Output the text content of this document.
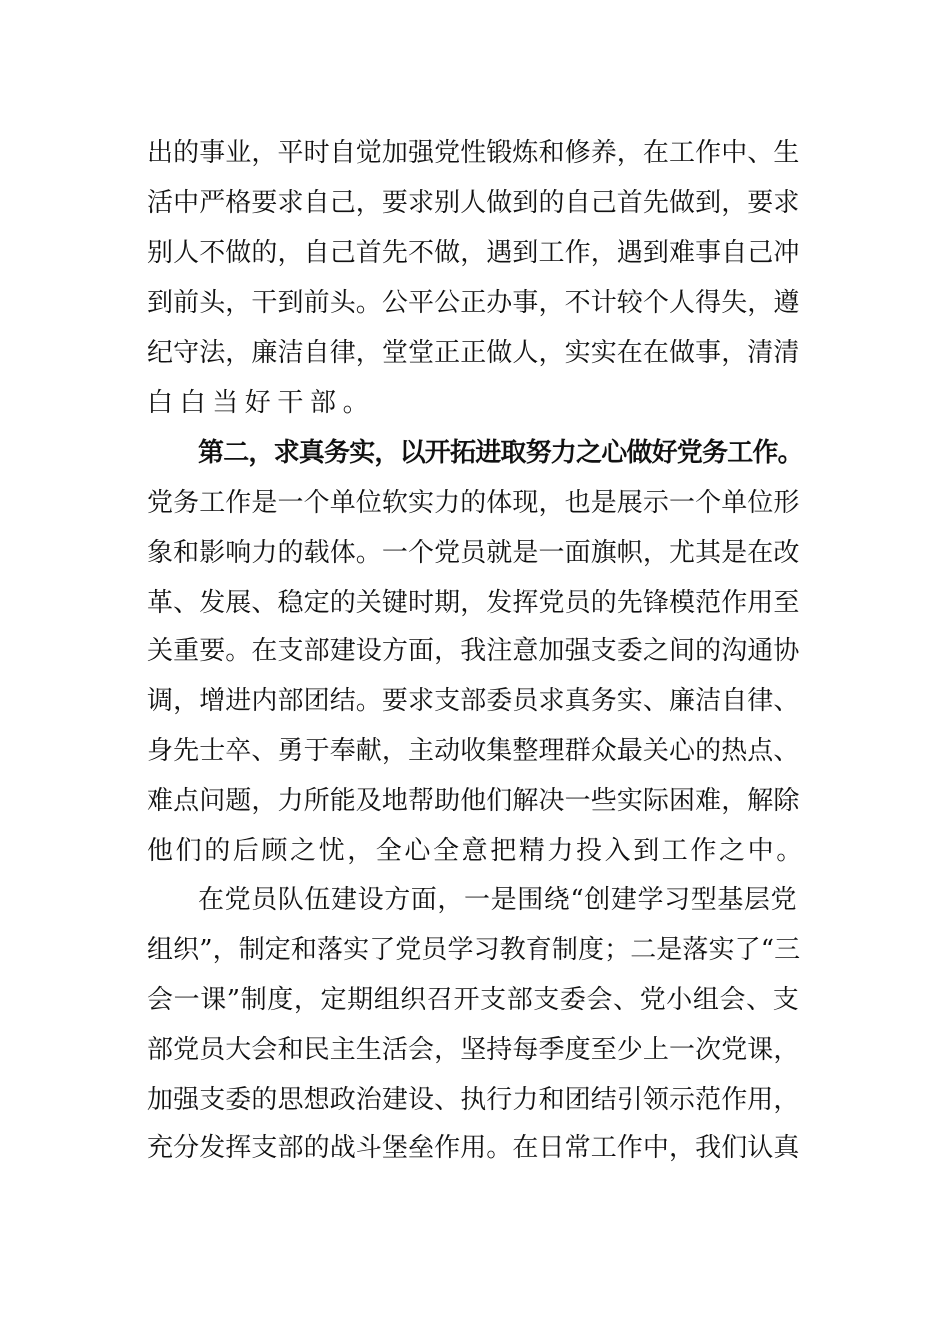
出的事业，平时自觉加强党性锻炼和修养，在工作中、生
活中严格要求自己，要求别人做到的自己首先做到，要求
别人不做的，自己首先不做，遇到工作，遇到难事自己冲
到前头，干到前头。公平公正办事，不计较个人得失，遵
纪守法，廉洁自律，堂堂正正做人，实实在在做事，清清
白白当好干部。
第二，求真务实，以开拓进取努力之心做好党务工作。
党务工作是一个单位软实力的体现，也是展示一个单位形
象和影响力的载体。一个党员就是一面旗帜，尤其是在改
革、发展、稳定的关键时期，发挥党员的先锋模范作用至
关重要。在支部建设方面，我注意加强支委之间的沟通协
调，增进内部团结。要求支部委员求真务实、廉洁自律、
身先士卒、勇于奉献，主动收集整理群众最关心的热点、
难点问题，力所能及地帮助他们解决一些实际困难，解除
他们的后顾之忧，全心全意把精力投入到工作之中。
在党员队伍建设方面，一是围绕“创建学习型基层党
组织”，制定和落实了党员学习教育制度；二是落实了“三
会一课”制度，定期组织召开支部支委会、党小组会、支
部党员大会和民主生活会，坚持每季度至少上一次党课，
加强支委的思想政治建设、执行力和团结引领示范作用，
充分发挥支部的战斗堡垒作用。在日常工作中，我们认真
